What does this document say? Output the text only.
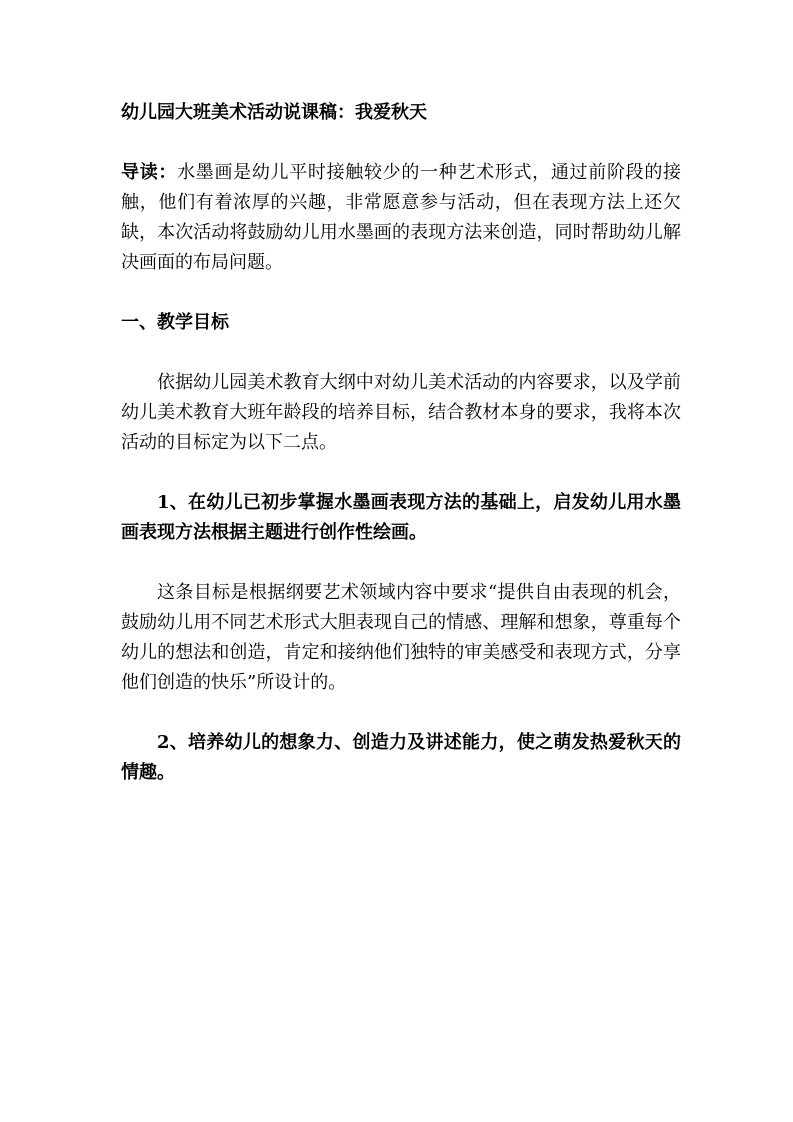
幼儿园大班美术活动说课稿：我爱秋天
导读：水墨画是幼儿平时接触较少的一种艺术形式，通过前阶段的接触，他们有着浓厚的兴趣，非常愿意参与活动，但在表现方法上还欠缺，本次活动将鼓励幼儿用水墨画的表现方法来创造，同时帮助幼儿解决画面的布局问题。
一、教学目标
依据幼儿园美术教育大纲中对幼儿美术活动的内容要求，以及学前幼儿美术教育大班年龄段的培养目标，结合教材本身的要求，我将本次活动的目标定为以下二点。
1、在幼儿已初步掌握水墨画表现方法的基础上，启发幼儿用水墨画表现方法根据主题进行创作性绘画。
这条目标是根据纲要艺术领域内容中要求“提供自由表现的机会，鼓励幼儿用不同艺术形式大胆表现自己的情感、理解和想象，尊重每个幼儿的想法和创造，肯定和接纳他们独特的审美感受和表现方式，分享他们创造的快乐”所设计的。
2、培养幼儿的想象力、创造力及讲述能力，使之萌发热爱秋天的情趣。
